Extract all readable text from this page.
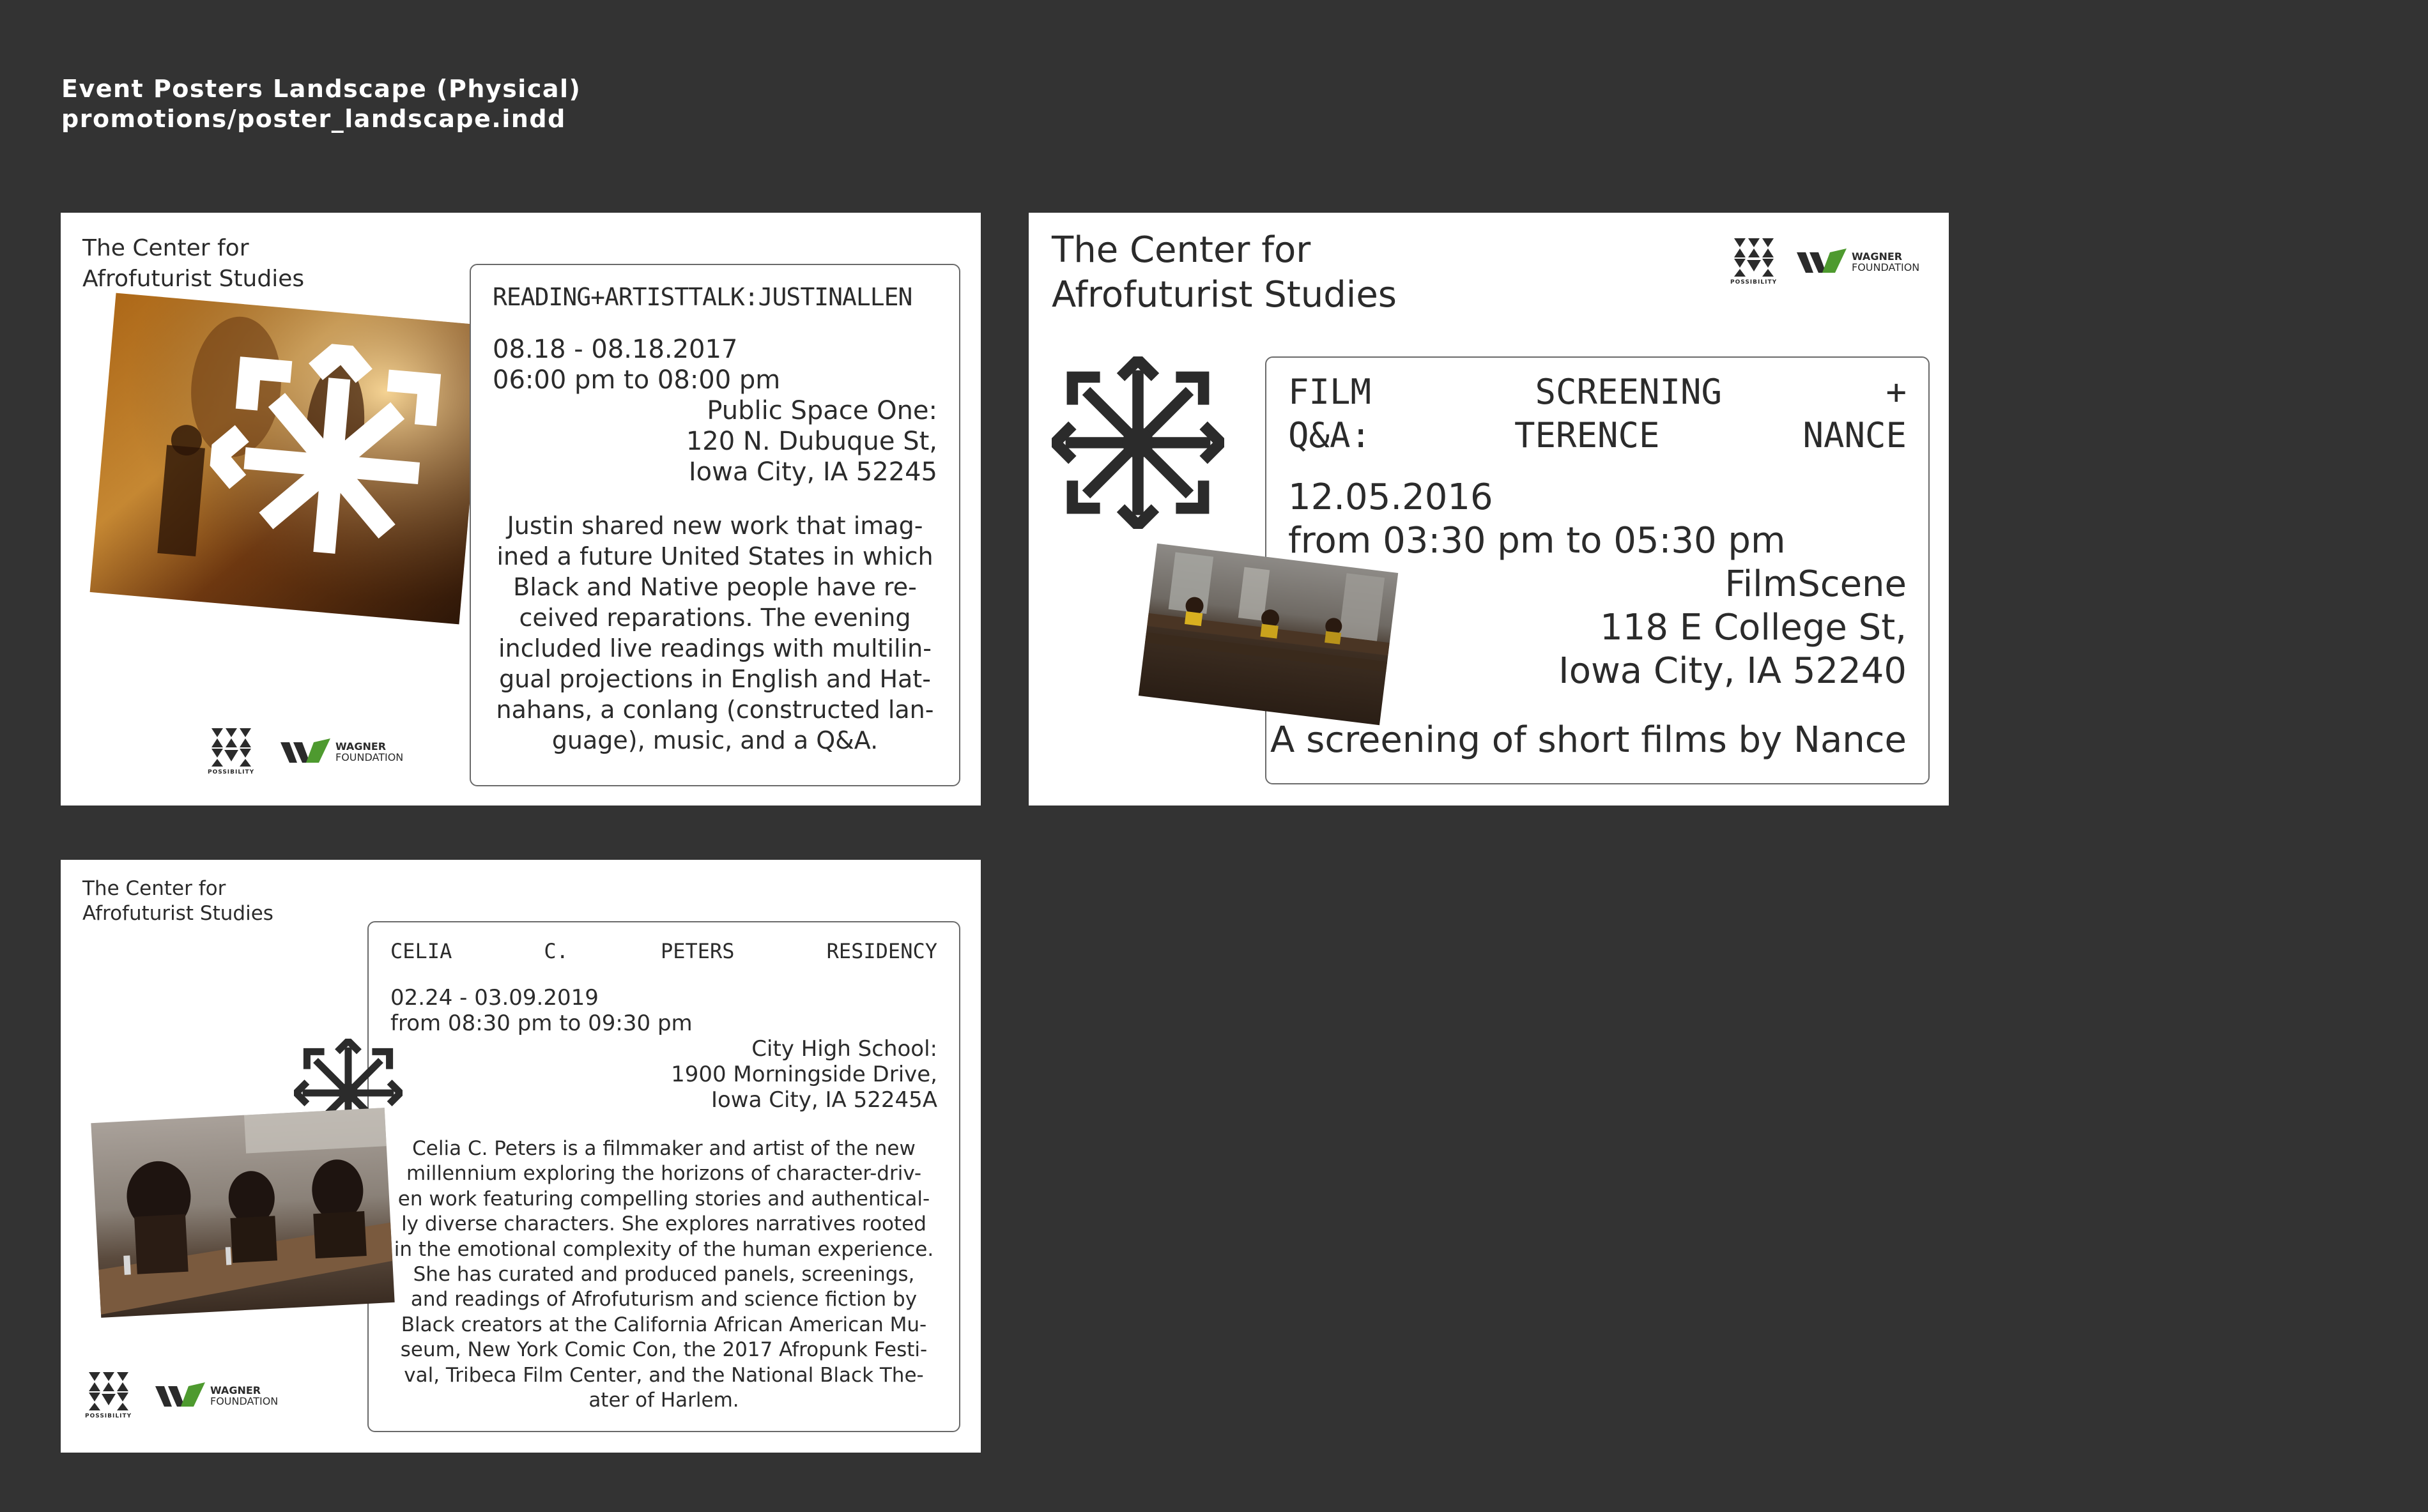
Event Posters Landscape (Physical)
promotions/poster_landscape.indd
The Center for
Afrofuturist Studies
READING+ARTISTTALK:JUSTINALLEN
08.18 - 08.18.2017
06:00 pm to 08:00 pm
Public Space One:
120 N. Dubuque St,
Iowa City, IA 52245
Justin shared new work that imag-
ined a future United States in which
Black and Native people have re-
ceived reparations. The evening
included live readings with multilin-
gual projections in English and Hat-
nahans, a conlang (constructed lan-
guage), music, and a Q&A.
POSSIBILITY
WAGNER
FOUNDATION
The Center for
Afrofuturist Studies	POSSIBILITY
WAGNER
FOUNDATION
FILM	SCREENING	+
Q&A:	TERENCE	NANCE
12.05.2016
from 03:30 pm to 05:30 pm
FilmScene
118 E College St,
Iowa City, IA 52240
A screening of short films by Nance
The Center for
Afrofuturist Studies
CELIA	C.	PETERS	RESIDENCY
02.24 - 03.09.2019
from 08:30 pm to 09:30 pm
City High School:
1900 Morningside Drive,
Iowa City, IA 52245A
Celia C. Peters is a filmmaker and artist of the new
millennium exploring the horizons of character-driv-
en work featuring compelling stories and authentical-
ly diverse characters. She explores narratives rooted
in the emotional complexity of the human experience.
She has curated and produced panels, screenings,
and readings of Afrofuturism and science fiction by
Black creators at the California African American Mu-
seum, New York Comic Con, the 2017 Afropunk Festi-
val, Tribeca Film Center, and the National Black The-
ater of Harlem.
POSSIBILITY
WAGNER
FOUNDATION
